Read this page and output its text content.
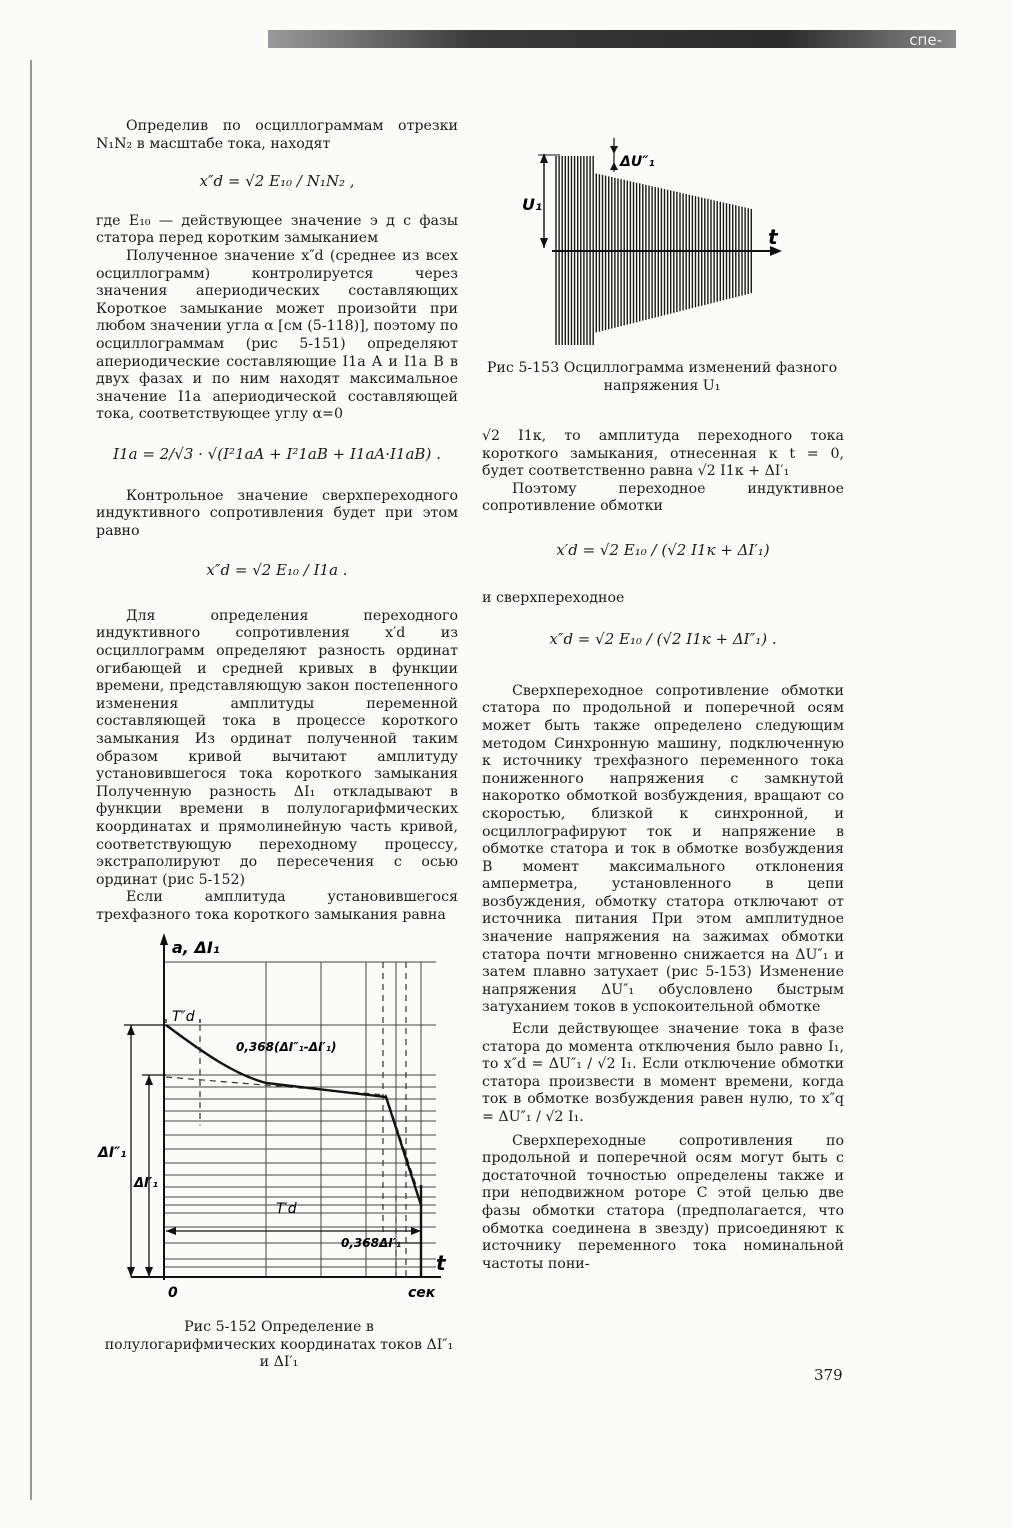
спе-

Определив по осциллограммам отрезки N₁N₂ в масштабе тока, находят

x″d = √2 E₁₀ / N₁N₂ ,

где E₁₀ — действующее значение э д с фазы статора перед коротким замыканием

Полученное значение x″d (среднее из всех осциллограмм) контролируется через значения апериодических составляющих Короткое замыкание может произойти при любом значении угла α [см (5-118)], поэтому по осциллограммам (рис 5-151) определяют апериодические составляющие I1a A и I1a B в двух фазах и по ним находят максимальное значение I1a апериодической составляющей тока, соответствующее углу α=0

I1a = 2/√3 · √(I²1aA + I²1aB + I1aA·I1aB) .

Контрольное значение сверхпереходного индуктивного сопротивления будет при этом равно

x″d = √2 E₁₀ / I1a .

Для определения переходного индуктивного сопротивления x′d из осциллограмм определяют разность ординат огибающей и средней кривых в функции времени, представляющую закон постепенного изменения амплитуды переменной составляющей тока в процессе короткого замыкания Из ординат полученной таким образом кривой вычитают амплитуду установившегося тока короткого замыкания Полученную разность ΔI₁ откладывают в функции времени в полулогарифмических координатах и прямолинейную часть кривой, соответствующую переходному процессу, экстраполируют до пересечения с осью ординат (рис 5-152)

Если амплитуда установившегося трехфазного тока короткого замыкания равна

a, ΔI₁
t
сек
0
T″d
T′d
0,368(ΔI″₁-ΔI′₁)
0,368ΔI′₁
ΔI″₁
ΔI′₁
Рис 5-152 Определение в полулогарифмических координатах токов ΔI″₁ и ΔI′₁
U₁
t
ΔU″₁
Рис 5-153 Осциллограмма изменений фазного напряжения U₁

√2 I1к, то амплитуда переходного тока короткого замыкания, отнесенная к t = 0, будет соответственно равна √2 I1к + ΔI′₁

Поэтому переходное индуктивное сопротивление обмотки

x′d = √2 E₁₀ / (√2 I1к + ΔI′₁)

и сверхпереходное

x″d = √2 E₁₀ / (√2 I1к + ΔI″₁) .

Сверхпереходное сопротивление обмотки статора по продольной и поперечной осям может быть также определено следующим методом Синхронную машину, подключенную к источнику трехфазного переменного тока пониженного напряжения с замкнутой накоротко обмоткой возбуждения, вращают со скоростью, близкой к синхронной, и осциллографируют ток и напряжение в обмотке статора и ток в обмотке возбуждения В момент максимального отклонения амперметра, установленного в цепи возбуждения, обмотку статора отключают от источника питания При этом амплитудное значение напряжения на зажимах обмотки статора почти мгновенно снижается на ΔU″₁ и затем плавно затухает (рис 5-153) Изменение напряжения ΔU″₁ обусловлено быстрым затуханием токов в успокоительной обмотке

Если действующее значение тока в фазе статора до момента отключения было равно I₁, то x″d = ΔU″₁ / √2 I₁. Если отключение обмотки статора произвести в момент времени, когда ток в обмотке возбуждения равен нулю, то x″q = ΔU″₁ / √2 I₁.

Сверхпереходные сопротивления по продольной и поперечной осям могут быть с достаточной точностью определены также и при неподвижном роторе С этой целью две фазы обмотки статора (предполагается, что обмотка соединена в звезду) присоединяют к источнику переменного тока номинальной частоты пони-

379
